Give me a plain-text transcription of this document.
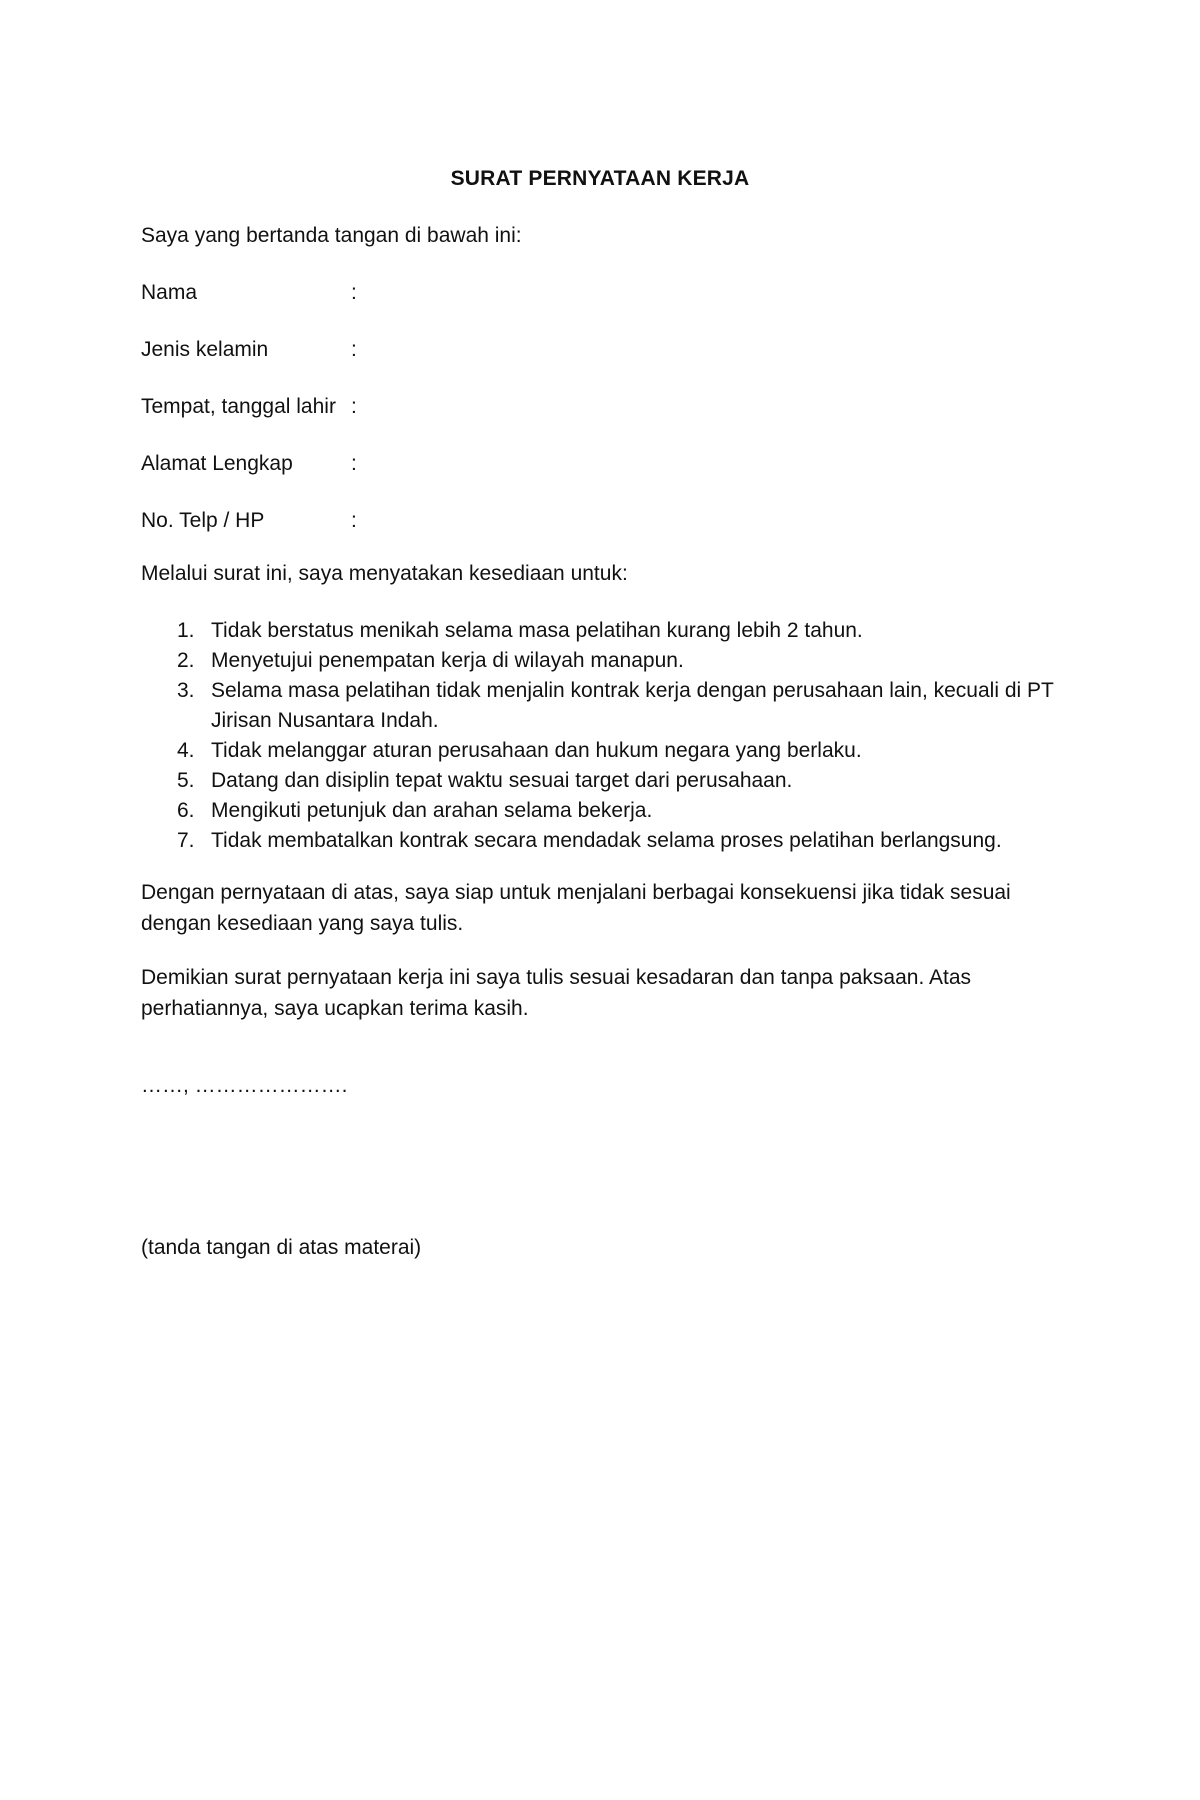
SURAT PERNYATAAN KERJA
Saya yang bertanda tangan di bawah ini:
Nama	:
Jenis kelamin	:
Tempat, tanggal lahir :
Alamat Lengkap	:
No. Telp / HP	:
Melalui surat ini, saya menyatakan kesediaan untuk:
1. Tidak berstatus menikah selama masa pelatihan kurang lebih 2 tahun.
2. Menyetujui penempatan kerja di wilayah manapun.
3. Selama masa pelatihan tidak menjalin kontrak kerja dengan perusahaan lain, kecuali di PT Jirisan Nusantara Indah.
4. Tidak melanggar aturan perusahaan dan hukum negara yang berlaku.
5. Datang dan disiplin tepat waktu sesuai target dari perusahaan.
6. Mengikuti petunjuk dan arahan selama bekerja.
7. Tidak membatalkan kontrak secara mendadak selama proses pelatihan berlangsung.
Dengan pernyataan di atas, saya siap untuk menjalani berbagai konsekuensi jika tidak sesuai dengan kesediaan yang saya tulis.
Demikian surat pernyataan kerja ini saya tulis sesuai kesadaran dan tanpa paksaan. Atas perhatiannya, saya ucapkan terima kasih.
……, ………………….
(tanda tangan di atas materai)
